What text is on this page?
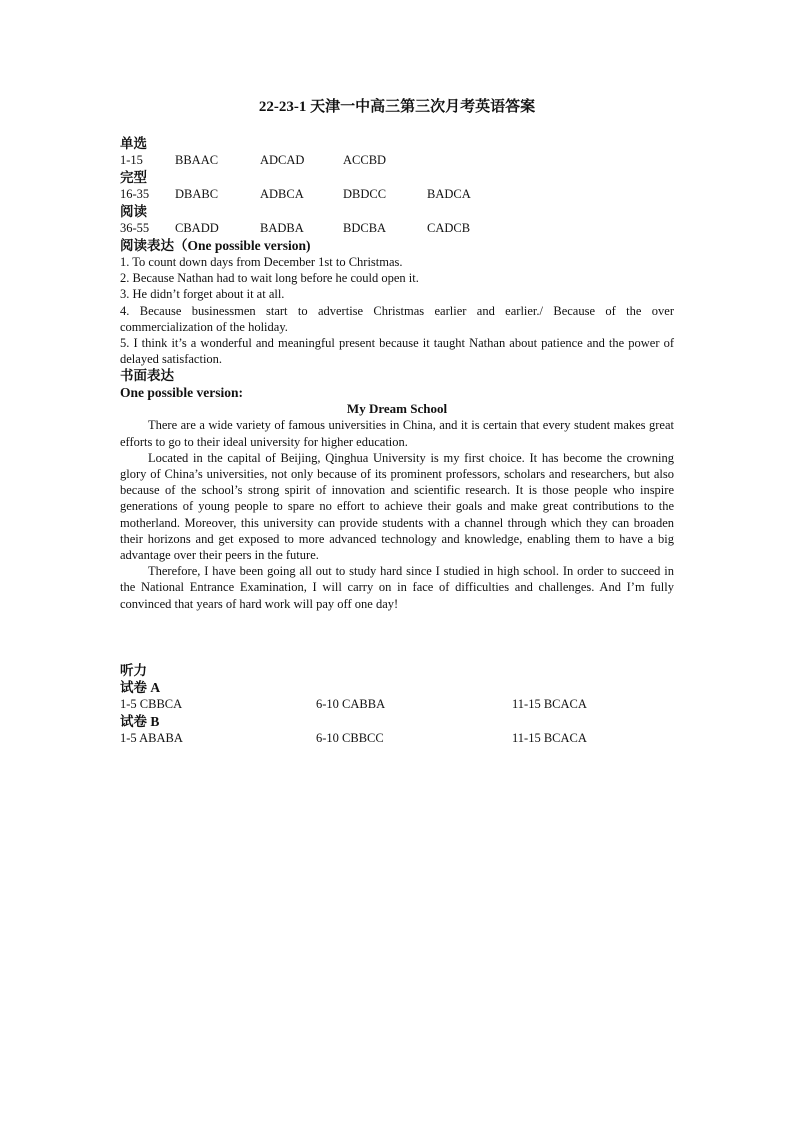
22-23-1 天津一中高三第三次月考英语答案
单选
1-15	BBAAC	ADCAD	ACCBD
完型
16-35 DBABC	ADBCA	DBDCC	BADCA
阅读
36-55 CBADD	BADBA	BDCBA	CADCB
阅读表达（One possible version)
1. To count down days from December 1st to Christmas.
2. Because Nathan had to wait long before he could open it.
3. He didn’t forget about it at all.
4. Because businessmen start to advertise Christmas earlier and earlier./ Because of the over commercialization of the holiday.
5. I think it’s a wonderful and meaningful present because it taught Nathan about patience and the power of delayed satisfaction.
书面表达
One possible version:
My Dream School

There are a wide variety of famous universities in China, and it is certain that every student makes great efforts to go to their ideal university for higher education.

Located in the capital of Beijing, Qinghua University is my first choice. It has become the crowning glory of China’s universities, not only because of its prominent professors, scholars and researchers, but also because of the school’s strong spirit of innovation and scientific research. It is those people who inspire generations of young people to spare no effort to achieve their goals and make great contributions to the motherland. Moreover, this university can provide students with a channel through which they can broaden their horizons and get exposed to more advanced technology and knowledge, enabling them to have a big advantage over their peers in the future.

Therefore, I have been going all out to study hard since I studied in high school. In order to succeed in the National Entrance Examination, I will carry on in face of difficulties and challenges. And I’m fully convinced that years of hard work will pay off one day!

听力
试卷 A
1-5 CBBCA	6-10 CABBA	11-15 BCACA
试卷 B
1-5 ABABA	6-10 CBBCC	11-15 BCACA
